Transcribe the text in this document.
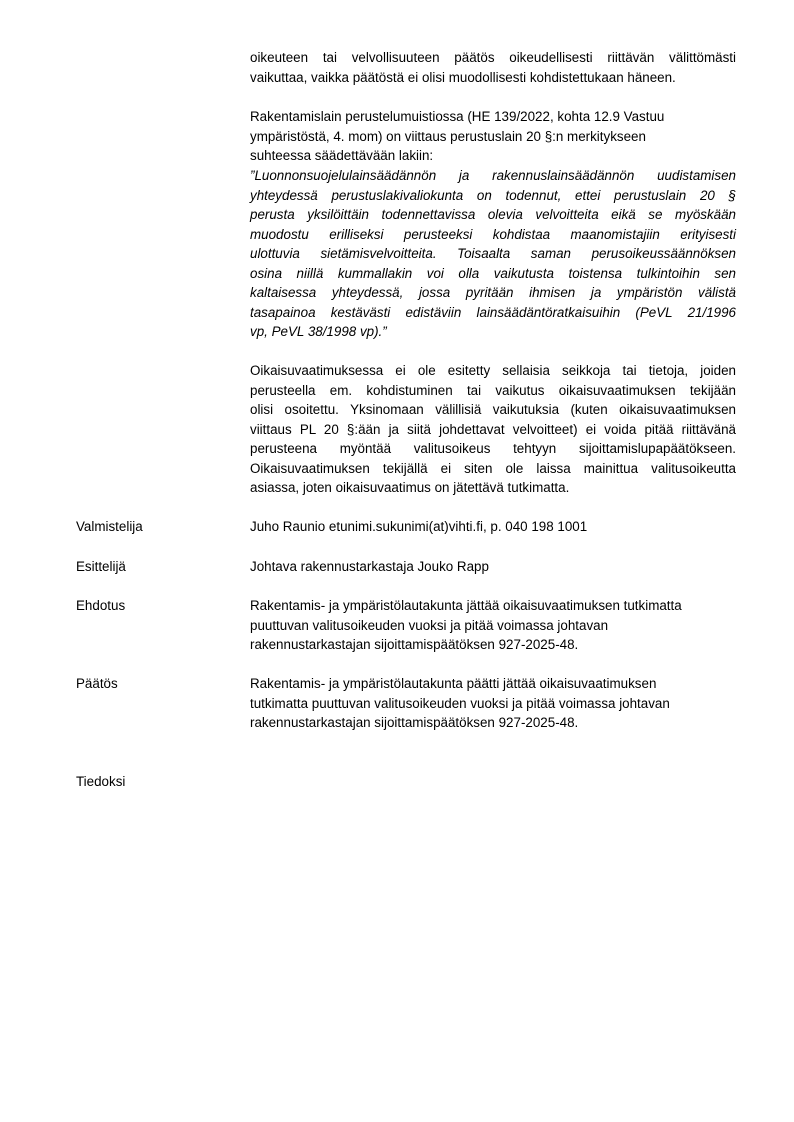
oikeuteen tai velvollisuuteen päätös oikeudellisesti riittävän välittömästi
vaikuttaa, vaikka päätöstä ei olisi muodollisesti kohdistettukaan häneen.
Rakentamislain perustelumuistiossa (HE 139/2022, kohta 12.9 Vastuu
ympäristöstä, 4. mom) on viittaus perustuslain 20 §:n merkitykseen
suhteessa säädettävään lakiin:
”Luonnonsuojelulainsäädännön ja rakennuslainsäädännön uudistamisen
yhteydessä perustuslakivaliokunta on todennut, ettei perustuslain 20 §
perusta yksilöittäin todennettavissa olevia velvoitteita eikä se myöskään
muodostu erilliseksi perusteeksi kohdistaa maanomistajiin erityisesti
ulottuvia sietämisvelvoitteita. Toisaalta saman perusoikeussäännöksen
osina niillä kummallakin voi olla vaikutusta toistensa tulkintoihin sen
kaltaisessa yhteydessä, jossa pyritään ihmisen ja ympäristön välistä
tasapainoa kestävästi edistäviin lainsäädäntöratkaisuihin (PeVL 21/1996
vp, PeVL 38/1998 vp).”
Oikaisuvaatimuksessa ei ole esitetty sellaisia seikkoja tai tietoja, joiden
perusteella em. kohdistuminen tai vaikutus oikaisuvaatimuksen tekijään
olisi osoitettu. Yksinomaan välillisiä vaikutuksia (kuten oikaisuvaatimuksen
viittaus PL 20 §:ään ja siitä johdettavat velvoitteet) ei voida pitää riittävänä
perusteena myöntää valitusoikeus tehtyyn sijoittamislupapäätökseen.
Oikaisuvaatimuksen tekijällä ei siten ole laissa mainittua valitusoikeutta
asiassa, joten oikaisuvaatimus on jätettävä tutkimatta.
Valmistelija	Juho Raunio etunimi.sukunimi(at)vihti.fi, p. 040 198 1001
Esittelijä	Johtava rakennustarkastaja Jouko Rapp
Ehdotus	Rakentamis- ja ympäristölautakunta jättää oikaisuvaatimuksen tutkimatta
puuttuvan valitusoikeuden vuoksi ja pitää voimassa johtavan
rakennustarkastajan sijoittamispäätöksen 927-2025-48.
Päätös	Rakentamis- ja ympäristölautakunta päätti jättää oikaisuvaatimuksen
tutkimatta puuttuvan valitusoikeuden vuoksi ja pitää voimassa johtavan
rakennustarkastajan sijoittamispäätöksen 927-2025-48.
Tiedoksi
